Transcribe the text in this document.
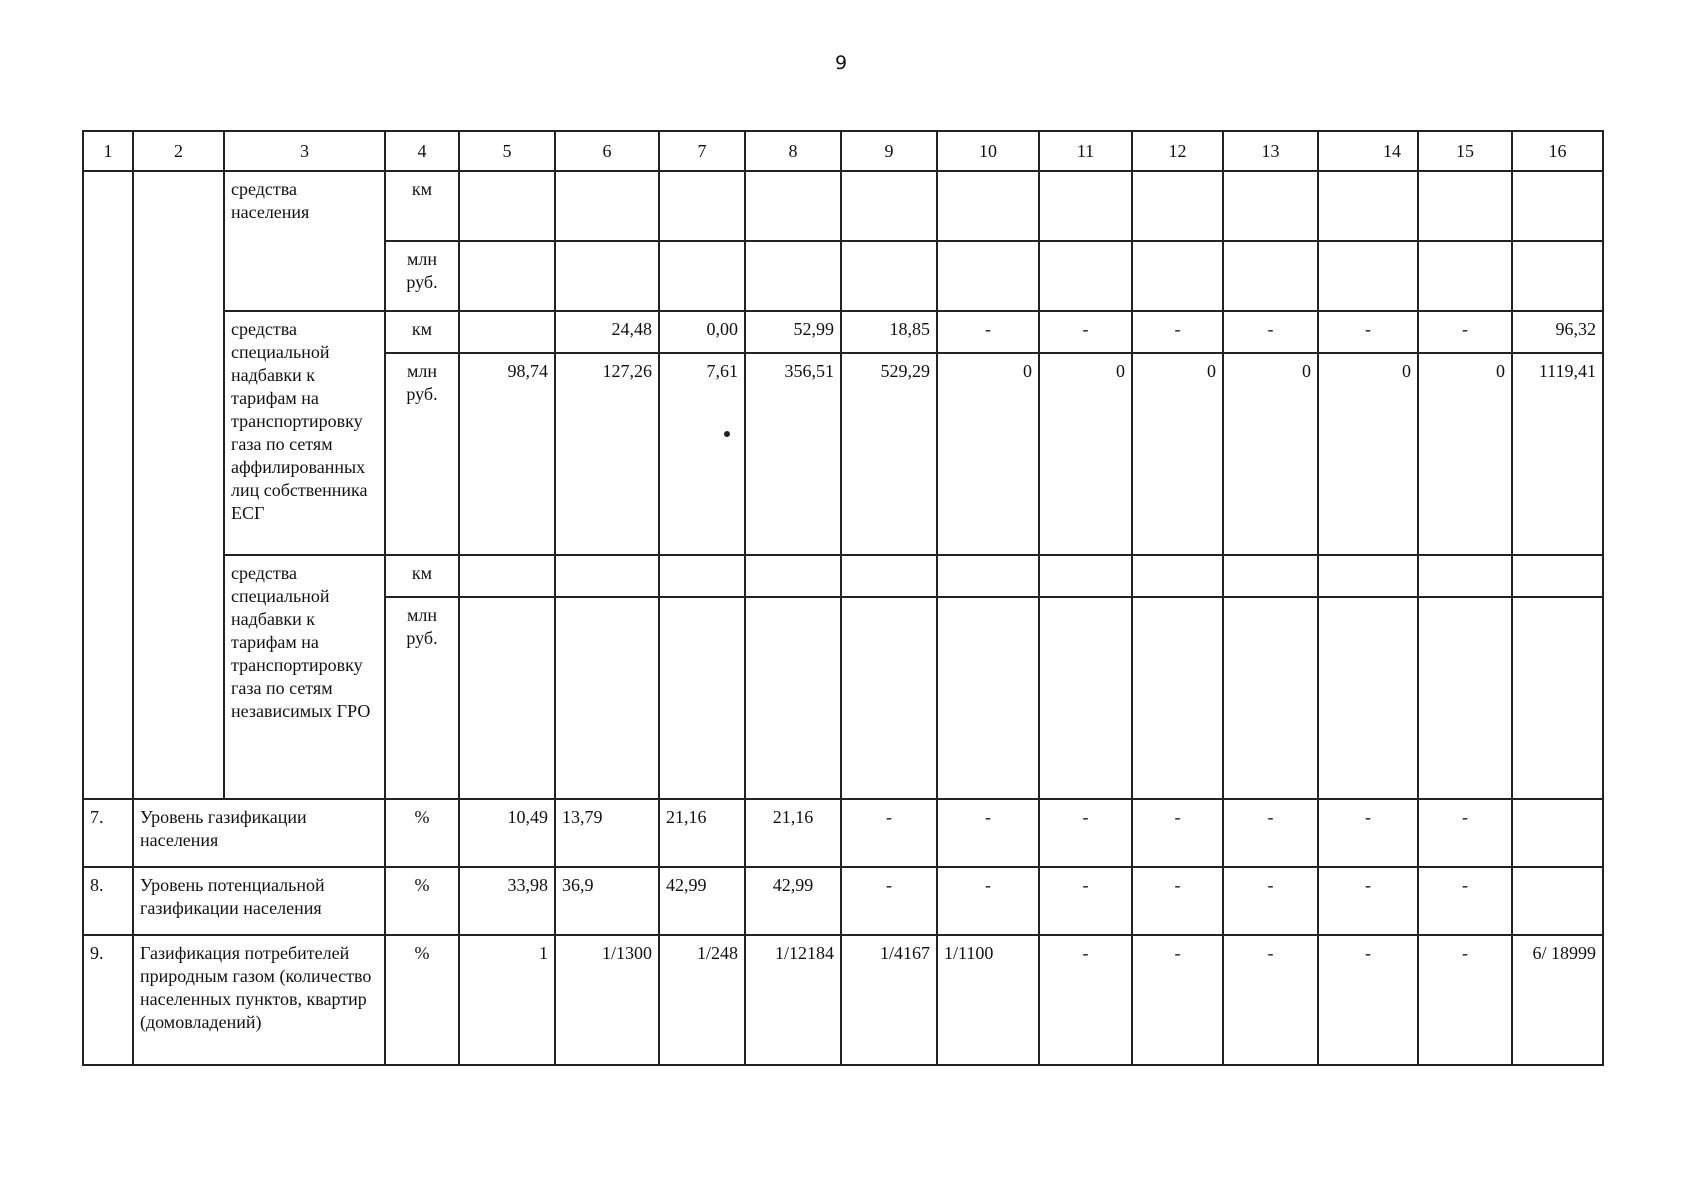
9
1	2	3	4	5	6	7	8	9	10	11	12	13	14	15	16
		средства населения	км												
			млн руб.												
		средства специальной надбавки к тарифам на транспортировку газа по сетям аффилированных лиц собственника ЕСГ	км		24,48	0,00	52,99	18,85	-	-	-	-	-	-	96,32
			млн руб.	98,74	127,26	7,61	356,51	529,29	0	0	0	0	0	0	1119,41
		средства специальной надбавки к тарифам на транспортировку газа по сетям независимых ГРО	км												
			млн руб.												
7.	Уровень газификации населения		%	10,49	13,79	21,16	21,16	-	-	-	-	-	-	-	
8.	Уровень потенциальной газификации населения		%	33,98	36,9	42,99	42,99	-	-	-	-	-	-	-	
9.	Газификация потребителей природным газом (количество населенных пунктов, квартир (домовладений)		%	1	1/1300	1/248	1/12184	1/4167	1/1100	-	-	-	-	-	6/ 18999
